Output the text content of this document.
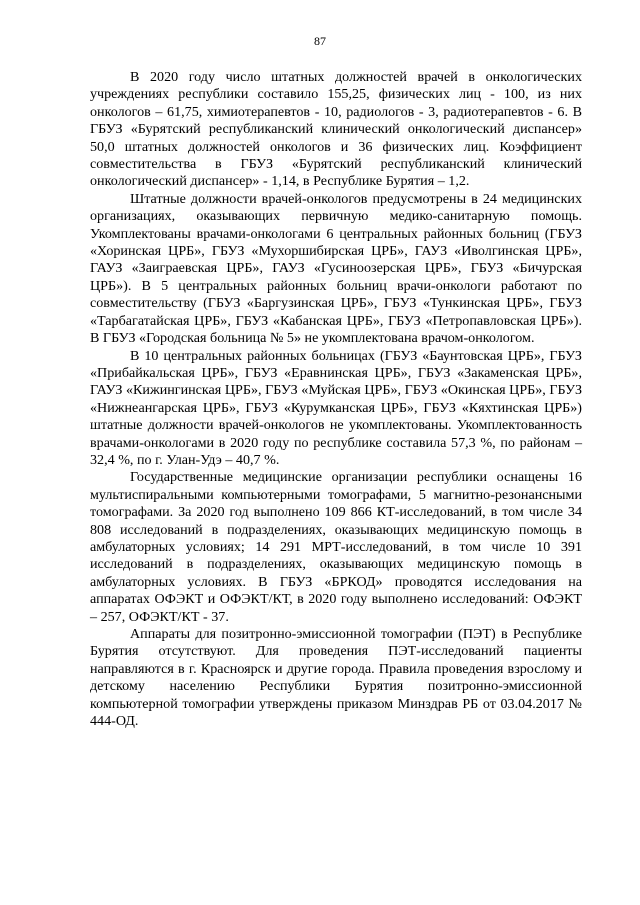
87

В 2020 году число штатных должностей врачей в онкологических учреждениях республики составило 155,25, физических лиц - 100, из них онкологов – 61,75, химиотерапевтов - 10, радиологов - 3, радиотерапевтов - 6. В ГБУЗ «Бурятский республиканский клинический онкологический диспансер» 50,0 штатных должностей онкологов и 36 физических лиц. Коэффициент совместительства в ГБУЗ «Бурятский республиканский клинический онкологический диспансер» - 1,14, в Республике Бурятия – 1,2.

Штатные должности врачей-онкологов предусмотрены в 24 медицинских организациях, оказывающих первичную медико-санитарную помощь. Укомплектованы врачами-онкологами 6 центральных районных больниц (ГБУЗ «Хоринская ЦРБ», ГБУЗ «Мухоршибирская ЦРБ», ГАУЗ «Иволгинская ЦРБ», ГАУЗ «Заиграевская ЦРБ», ГАУЗ «Гусиноозерская ЦРБ», ГБУЗ «Бичурская ЦРБ»). В 5 центральных районных больниц врачи-онкологи работают по совместительству (ГБУЗ «Баргузинская ЦРБ», ГБУЗ «Тункинская ЦРБ», ГБУЗ «Тарбагатайская ЦРБ», ГБУЗ «Кабанская ЦРБ», ГБУЗ «Петропавловская ЦРБ»). В ГБУЗ «Городская больница № 5» не укомплектована врачом-онкологом.

В 10 центральных районных больницах (ГБУЗ «Баунтовская ЦРБ», ГБУЗ «Прибайкальская ЦРБ», ГБУЗ «Еравнинская ЦРБ», ГБУЗ «Закаменская ЦРБ», ГАУЗ «Кижингинская ЦРБ», ГБУЗ «Муйская ЦРБ», ГБУЗ «Окинская ЦРБ», ГБУЗ «Нижнеангарская ЦРБ», ГБУЗ «Курумканская ЦРБ», ГБУЗ «Кяхтинская ЦРБ») штатные должности врачей-онкологов не укомплектованы. Укомплектованность врачами-онкологами в 2020 году по республике составила 57,3 %, по районам – 32,4 %, по г. Улан-Удэ – 40,7 %.

Государственные медицинские организации республики оснащены 16 мультиспиральными компьютерными томографами, 5 магнитно-резонансными томографами. За 2020 год выполнено 109 866 КТ-исследований, в том числе 34 808 исследований в подразделениях, оказывающих медицинскую помощь в амбулаторных условиях; 14 291 МРТ-исследований, в том числе 10 391 исследований в подразделениях, оказывающих медицинскую помощь в амбулаторных условиях. В ГБУЗ «БРКОД» проводятся исследования на аппаратах ОФЭКТ и ОФЭКТ/КТ, в 2020 году выполнено исследований: ОФЭКТ – 257, ОФЭКТ/КТ - 37.

Аппараты для позитронно-эмиссионной томографии (ПЭТ) в Республике Бурятия отсутствуют. Для проведения ПЭТ-исследований пациенты направляются в г. Красноярск и другие города. Правила проведения взрослому и детскому населению Республики Бурятия позитронно-эмиссионной компьютерной томографии утверждены приказом Минздрав РБ от 03.04.2017 № 444-ОД.
